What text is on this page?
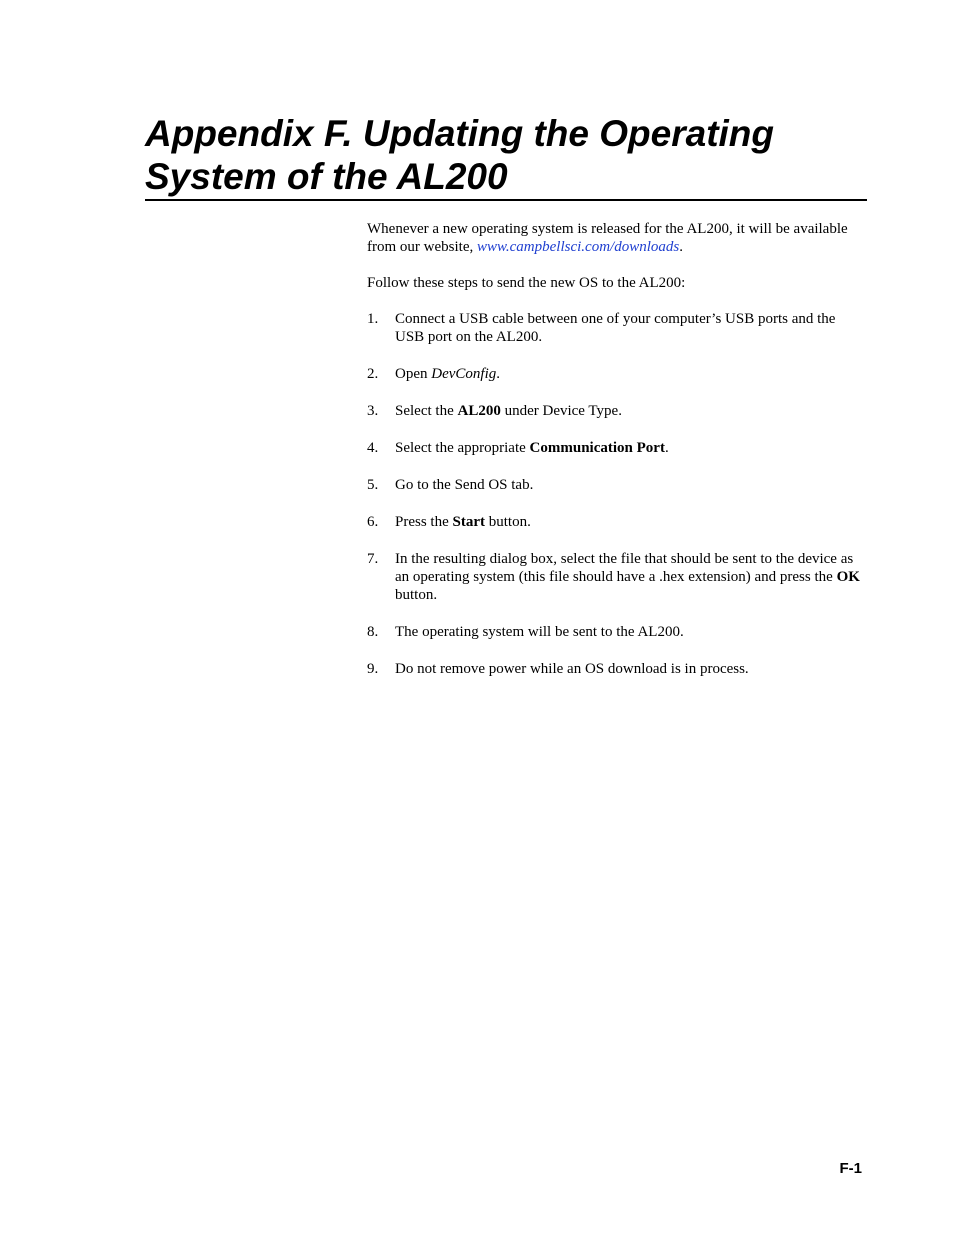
Appendix F. Updating the Operating
System of the AL200

Whenever a new operating system is released for the AL200, it will be available from our website, www.campbellsci.com/downloads.

Follow these steps to send the new OS to the AL200:

1.	Connect a USB cable between one of your computer’s USB ports and the USB port on the AL200.
2.	Open DevConfig.
3.	Select the AL200 under Device Type.
4.	Select the appropriate Communication Port.
5.	Go to the Send OS tab.
6.	Press the Start button.
7.	In the resulting dialog box, select the file that should be sent to the device as an operating system (this file should have a .hex extension) and press the OK button.
8.	The operating system will be sent to the AL200.
9.	Do not remove power while an OS download is in process.
F-1
